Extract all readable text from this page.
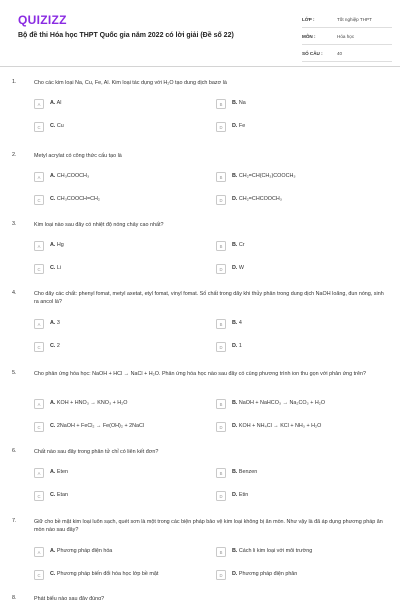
QUIZIZZ
Bộ đề thi Hóa học THPT Quốc gia năm 2022 có lời giải (Đề số 22)
LỚP :	Tốt nghiệp THPT
MÔN :	Hóa học
SỐ CÂU :	40
1.	Cho các kim loại Na, Cu, Fe, Al. Kim loại tác dụng với H₂O tạo dung dịch bazơ là
A	A. Al	B	B. Na
C	C. Cu	D	D. Fe
2.	Metyl acrylat có công thức cấu tạo là
A	A. CH₃COOCH₃	B	B. CH₂=CH(CH₃)COOCH₃
C	C. CH₃COOCH=CH₂	D	D. CH₂=CHCOOCH₃
3.	Kim loại nào sau đây có nhiệt độ nóng chảy cao nhất?
A	A. Hg	B	B. Cr
C	C. Li	D	D. W
4.	Cho dãy các chất: phenyl fomat, metyl axetat, etyl fomat, vinyl fomat. Số chất trong dãy khi thủy phân trong dung dịch NaOH loãng, đun nóng, sinh ra ancol là?
A	A. 3	B	B. 4
C	C. 2	D	D. 1
5.	Cho phản ứng hóa học: NaOH + HCl → NaCl + H₂O. Phản ứng hóa học nào sau đây có cùng phương trình ion thu gọn với phản ứng trên?
A	A. KOH + HNO₃ → KNO₃ + H₂O	B	B. NaOH + NaHCO₃ → Na₂CO₃ + H₂O
C	C. 2NaOH + FeCl₂ → Fe(OH)₂ + 2NaCl	D	D. KOH + NH₄Cl → KCl + NH₃ + H₂O
6.	Chất nào sau đây trong phân tử chỉ có liên kết đơn?
A	A. Eten	B	B. Benzen
C	C. Etan	D	D. Etin
7.	Giữ cho bề mặt kim loại luôn sạch, quét sơn là một trong các biện pháp bảo vệ kim loại không bị ăn mòn. Như vậy là đã áp dụng phương pháp ăn mòn nào sau đây?
A	A. Phương pháp điện hóa	B	B. Cách li kim loại với môi trường
C	C. Phương pháp biến đổi hóa học lớp bề mặt	D	D. Phương pháp điện phân
8.	Phát biểu nào sau đây đúng?
